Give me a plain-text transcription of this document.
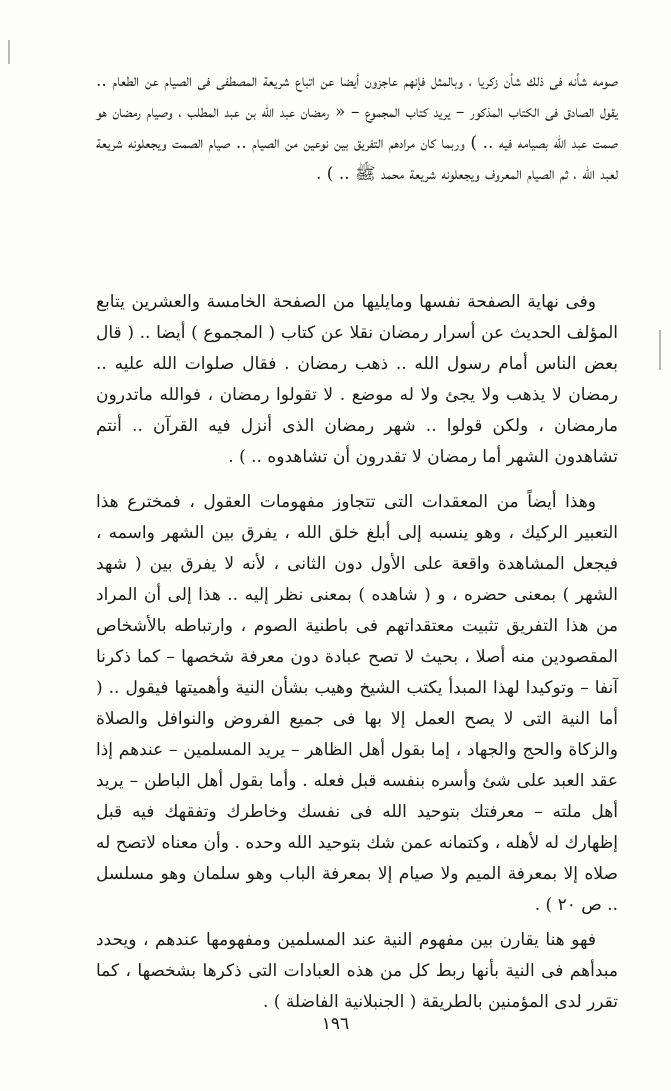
صومه شأنه فى ذلك شأن زكريا ، وبالمثل فإنهم عاجزون أيضا عن اتباع شريعة المصطفى فى الصيام عن الطعام .. يقول الصادق فى الكتاب المذكور – يريد كتاب المجموع – « رمضان عبد الله بن عبد المطلب ، وصيام رمضان هو صمت عبد الله بصيامه فيه .. ) وربما كان مرادهم التفريق بين نوعين من الصيام .. صيام الصمت ويجعلونه شريعة لعبد الله ، ثم الصيام المعروف ويجعلونه شريعة محمد ﷺ .. ) .

وفى نهاية الصفحة نفسها ومايليها من الصفحة الخامسة والعشرين يتابع المؤلف الحديث عن أسرار رمضان نقلا عن كتاب ( المجموع ) أيضا .. ( قال بعض الناس أمام رسول الله .. ذهب رمضان . فقال صلوات الله عليه .. رمضان لا يذهب ولا يجئ ولا له موضع . لا تقولوا رمضان ، فوالله ماتدرون مارمضان ، ولكن قولوا .. شهر رمضان الذى أنزل فيه القرآن .. أنتم تشاهدون الشهر أما رمضان لا تقدرون أن تشاهدوه .. ) .

وهذا أيضاً من المعقدات التى تتجاوز مفهومات العقول ، فمخترع هذا التعبير الركيك ، وهو ينسبه إلى أبلغ خلق الله ، يفرق بين الشهر واسمه ، فيجعل المشاهدة واقعة على الأول دون الثانى ، لأنه لا يفرق بين ( شهد الشهر ) بمعنى حضره ، و ( شاهده ) بمعنى نظر إليه .. هذا إلى أن المراد من هذا التفريق تثبيت معتقداتهم فى باطنية الصوم ، وارتباطه بالأشخاص المقصودين منه أصلا ، بحيث لا تصح عبادة دون معرفة شخصها – كما ذكرنا آنفا – وتوكيدا لهذا المبدأ يكتب الشيخ وهيب بشأن النية وأهميتها فيقول .. ( أما النية التى لا يصح العمل إلا بها فى جميع الفروض والنوافل والصلاة والزكاة والحج والجهاد ، إما بقول أهل الظاهر – يريد المسلمين – عندهم إذا عقد العبد على شئ وأسره بنفسه قبل فعله . وأما بقول أهل الباطن – يريد أهل ملته – معرفتك بتوحيد الله فى نفسك وخاطرك وتفقهك فيه قبل إظهارك له لأهله ، وكتمانه عمن شك بتوحيد الله وحده . وأن معناه لاتصح له صلاه إلا بمعرفة الميم ولا صيام إلا بمعرفة الباب وهو سلمان وهو مسلسل .. ص ٢٠ ) .

فهو هنا يقارن بين مفهوم النية عند المسلمين ومفهومها عندهم ، ويحدد مبدأهم فى النية بأنها ربط كل من هذه العبادات التى ذكرها بشخصها ، كما تقرر لدى المؤمنين بالطريقة ( الجنبلانية الفاضلة ) .

١٩٦
